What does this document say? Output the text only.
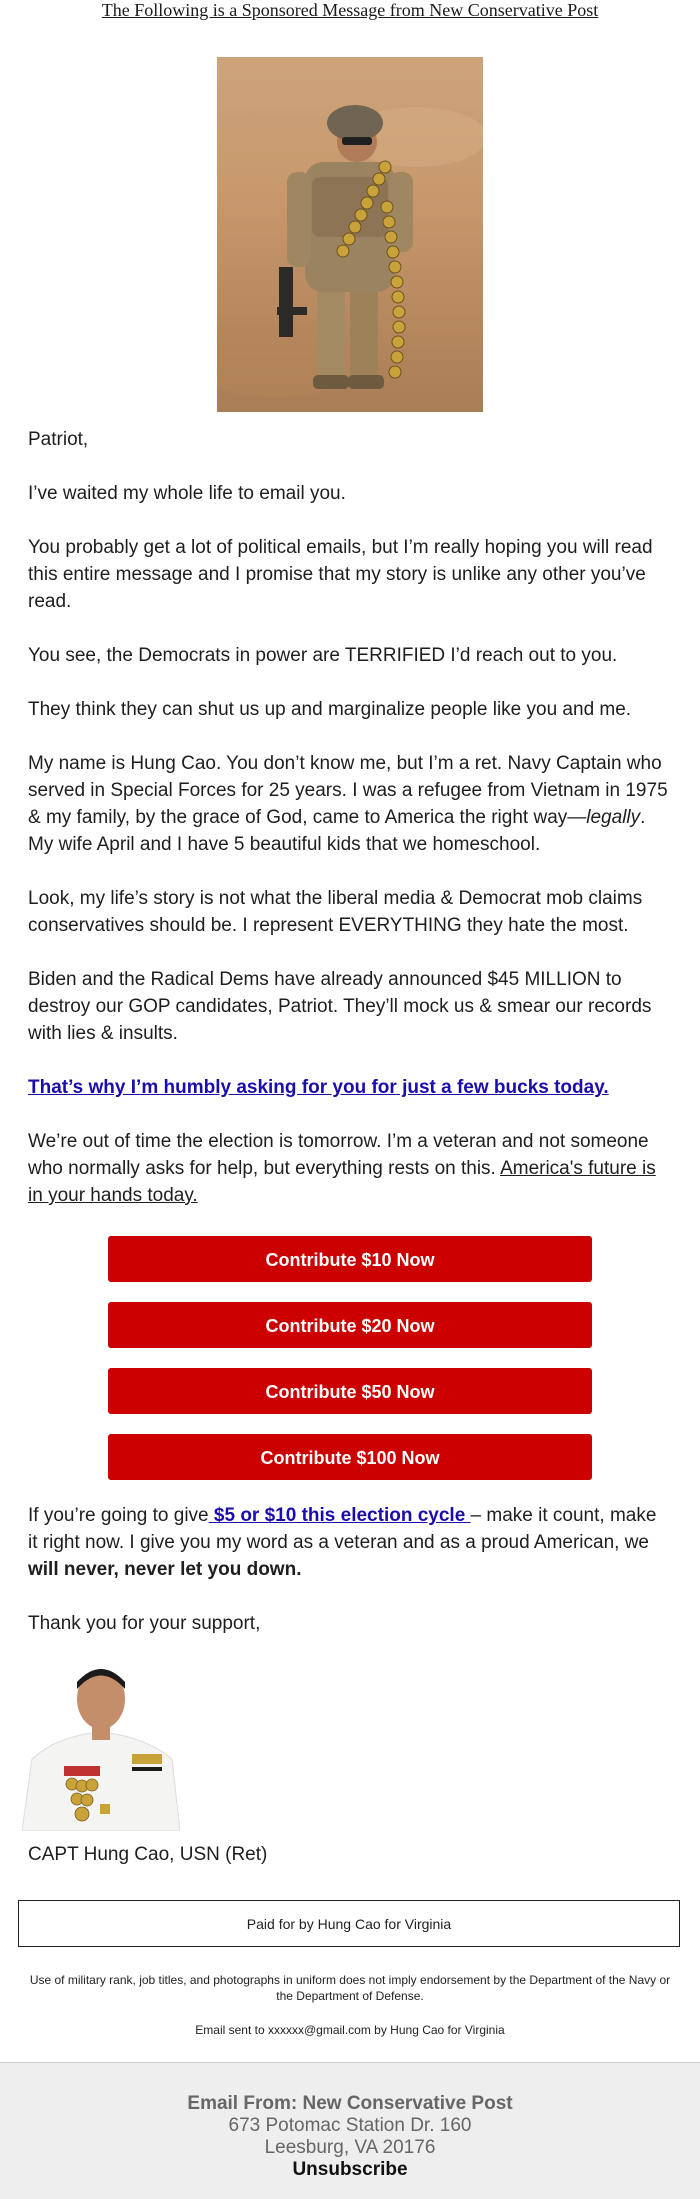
The Following is a Sponsored Message from New Conservative Post

Patriot,

I’ve waited my whole life to email you.

You probably get a lot of political emails, but I’m really hoping you will read this entire message and I promise that my story is unlike any other you’ve read.

You see, the Democrats in power are TERRIFIED I’d reach out to you.

They think they can shut us up and marginalize people like you and me.

My name is Hung Cao. You don’t know me, but I’m a ret. Navy Captain who served in Special Forces for 25 years. I was a refugee from Vietnam in 1975 & my family, by the grace of God, came to America the right way—legally. My wife April and I have 5 beautiful kids that we homeschool.

Look, my life’s story is not what the liberal media & Democrat mob claims conservatives should be. I represent EVERYTHING they hate the most.

Biden and the Radical Dems have already announced $45 MILLION to destroy our GOP candidates, Patriot. They’ll mock us & smear our records with lies & insults.

That’s why I’m humbly asking for you for just a few bucks today.

We’re out of time the election is tomorrow. I’m a veteran and not someone who normally asks for help, but everything rests on this. America's future is in your hands today.

Contribute $10 Now
Contribute $20 Now
Contribute $50 Now
Contribute $100 Now

If you’re going to give $5 or $10 this election cycle – make it count, make it right now. I give you my word as a veteran and as a proud American, we will never, never let you down.

Thank you for your support,

CAPT Hung Cao, USN (Ret)

Paid for by Hung Cao for Virginia
Use of military rank, job titles, and photographs in uniform does not imply endorsement by the Department of the Navy or the Department of Defense.
Email sent to xxxxxx@gmail.com by Hung Cao for Virginia
Email From: New Conservative Post
673 Potomac Station Dr. 160
Leesburg, VA 20176
Unsubscribe
